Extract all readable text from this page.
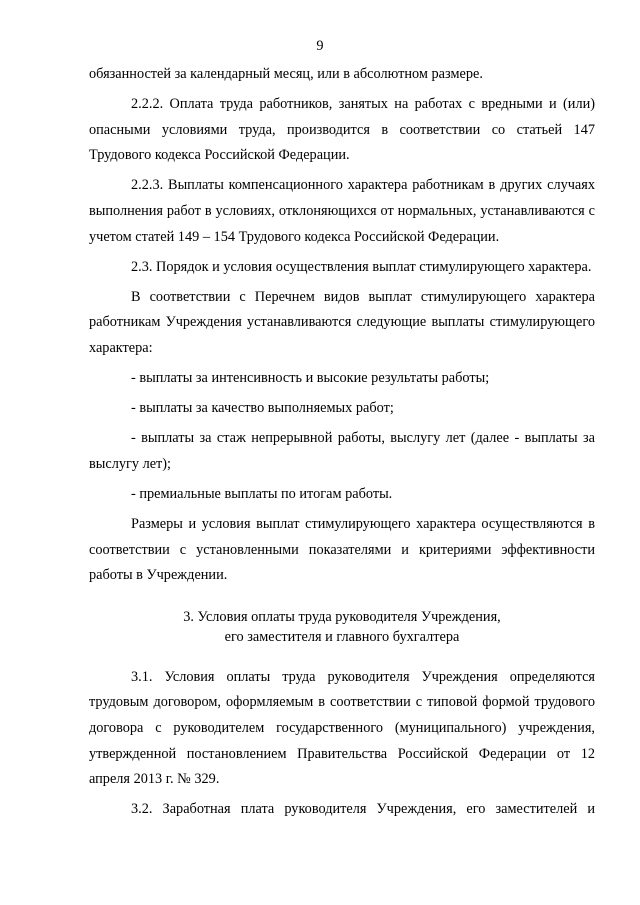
9

обязанностей за календарный месяц, или в абсолютном размере.

2.2.2. Оплата труда работников, занятых на работах с вредными и (или) опасными условиями труда, производится в соответствии со статьей 147 Трудового кодекса Российской Федерации.

2.2.3. Выплаты компенсационного характера работникам в других случаях выполнения работ в условиях, отклоняющихся от нормальных, устанавливаются с учетом статей 149 – 154 Трудового кодекса Российской Федерации.

2.3. Порядок и условия осуществления выплат стимулирующего характера.

В соответствии с Перечнем видов выплат стимулирующего характера работникам Учреждения устанавливаются следующие выплаты стимулирующего характера:

- выплаты за интенсивность и высокие результаты работы;

- выплаты за качество выполняемых работ;

- выплаты за стаж непрерывной работы, выслугу лет (далее - выплаты за выслугу лет);

- премиальные выплаты по итогам работы.

Размеры и условия выплат стимулирующего характера осуществляются в соответствии с установленными показателями и критериями эффективности работы в Учреждении.

3. Условия оплаты труда руководителя Учреждения,
его заместителя и главного бухгалтера

3.1. Условия оплаты труда руководителя Учреждения определяются трудовым договором, оформляемым в соответствии с типовой формой трудового договора с руководителем государственного (муниципального) учреждения, утвержденной постановлением Правительства Российской Федерации от 12 апреля 2013 г. № 329.

3.2. Заработная плата руководителя Учреждения, его заместителей и
